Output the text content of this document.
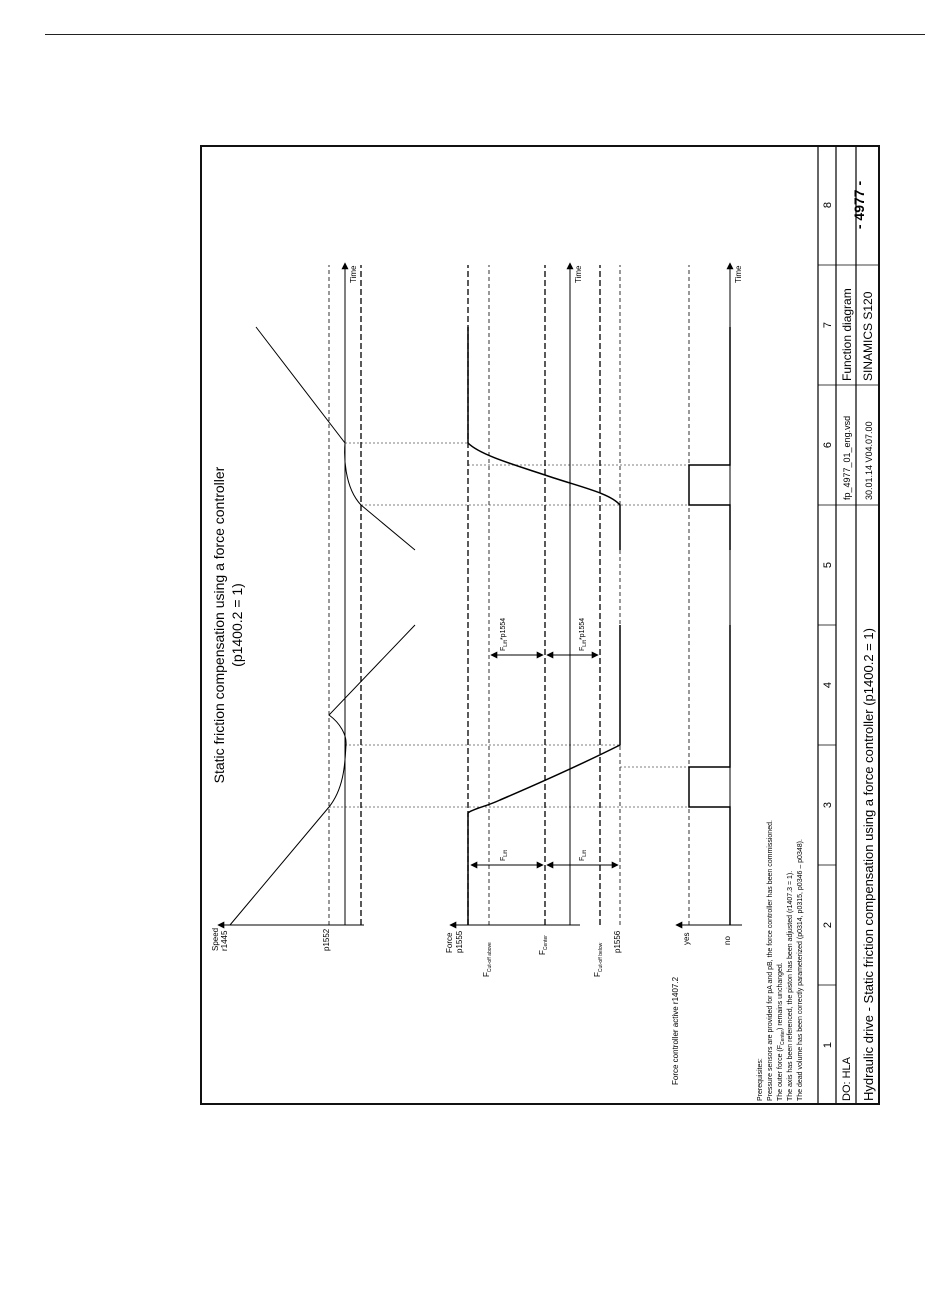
Static friction compensation using a force controller (p1400.2 = 1)
Speed r1445
Time
p1552	Force p1555
Time
$F_{Cut-off above}$	$F_{Center}$
$F_{Cut-off below}$
p1556
$F_{Lift}$
$F_{Lift}$
$F_{Lift}*p1554$
$F_{Lift}*p1554$
Force controller active r1407.2
yes	no
Time
Prerequisites: Pressure sensors are provided for pA and pB, the force controller has been commissioned. The outer force $(F_{Center})$ remains unchanged. The axis has been referenced, the piston has been adjusted (r1407.3 = 1). The dead volume has been correctly parameterized (p0314, p0315, p0346 – p0348). 1
2
3
4
5
6
7
8
DO: HLA Hydraulic drive - Static friction compensation using a force controller (p1400.2 = 1)
fp_4977_01_eng.vsd 30.01.14 V04.07.00
Function diagram SINAMICS S120
- 4977 -
